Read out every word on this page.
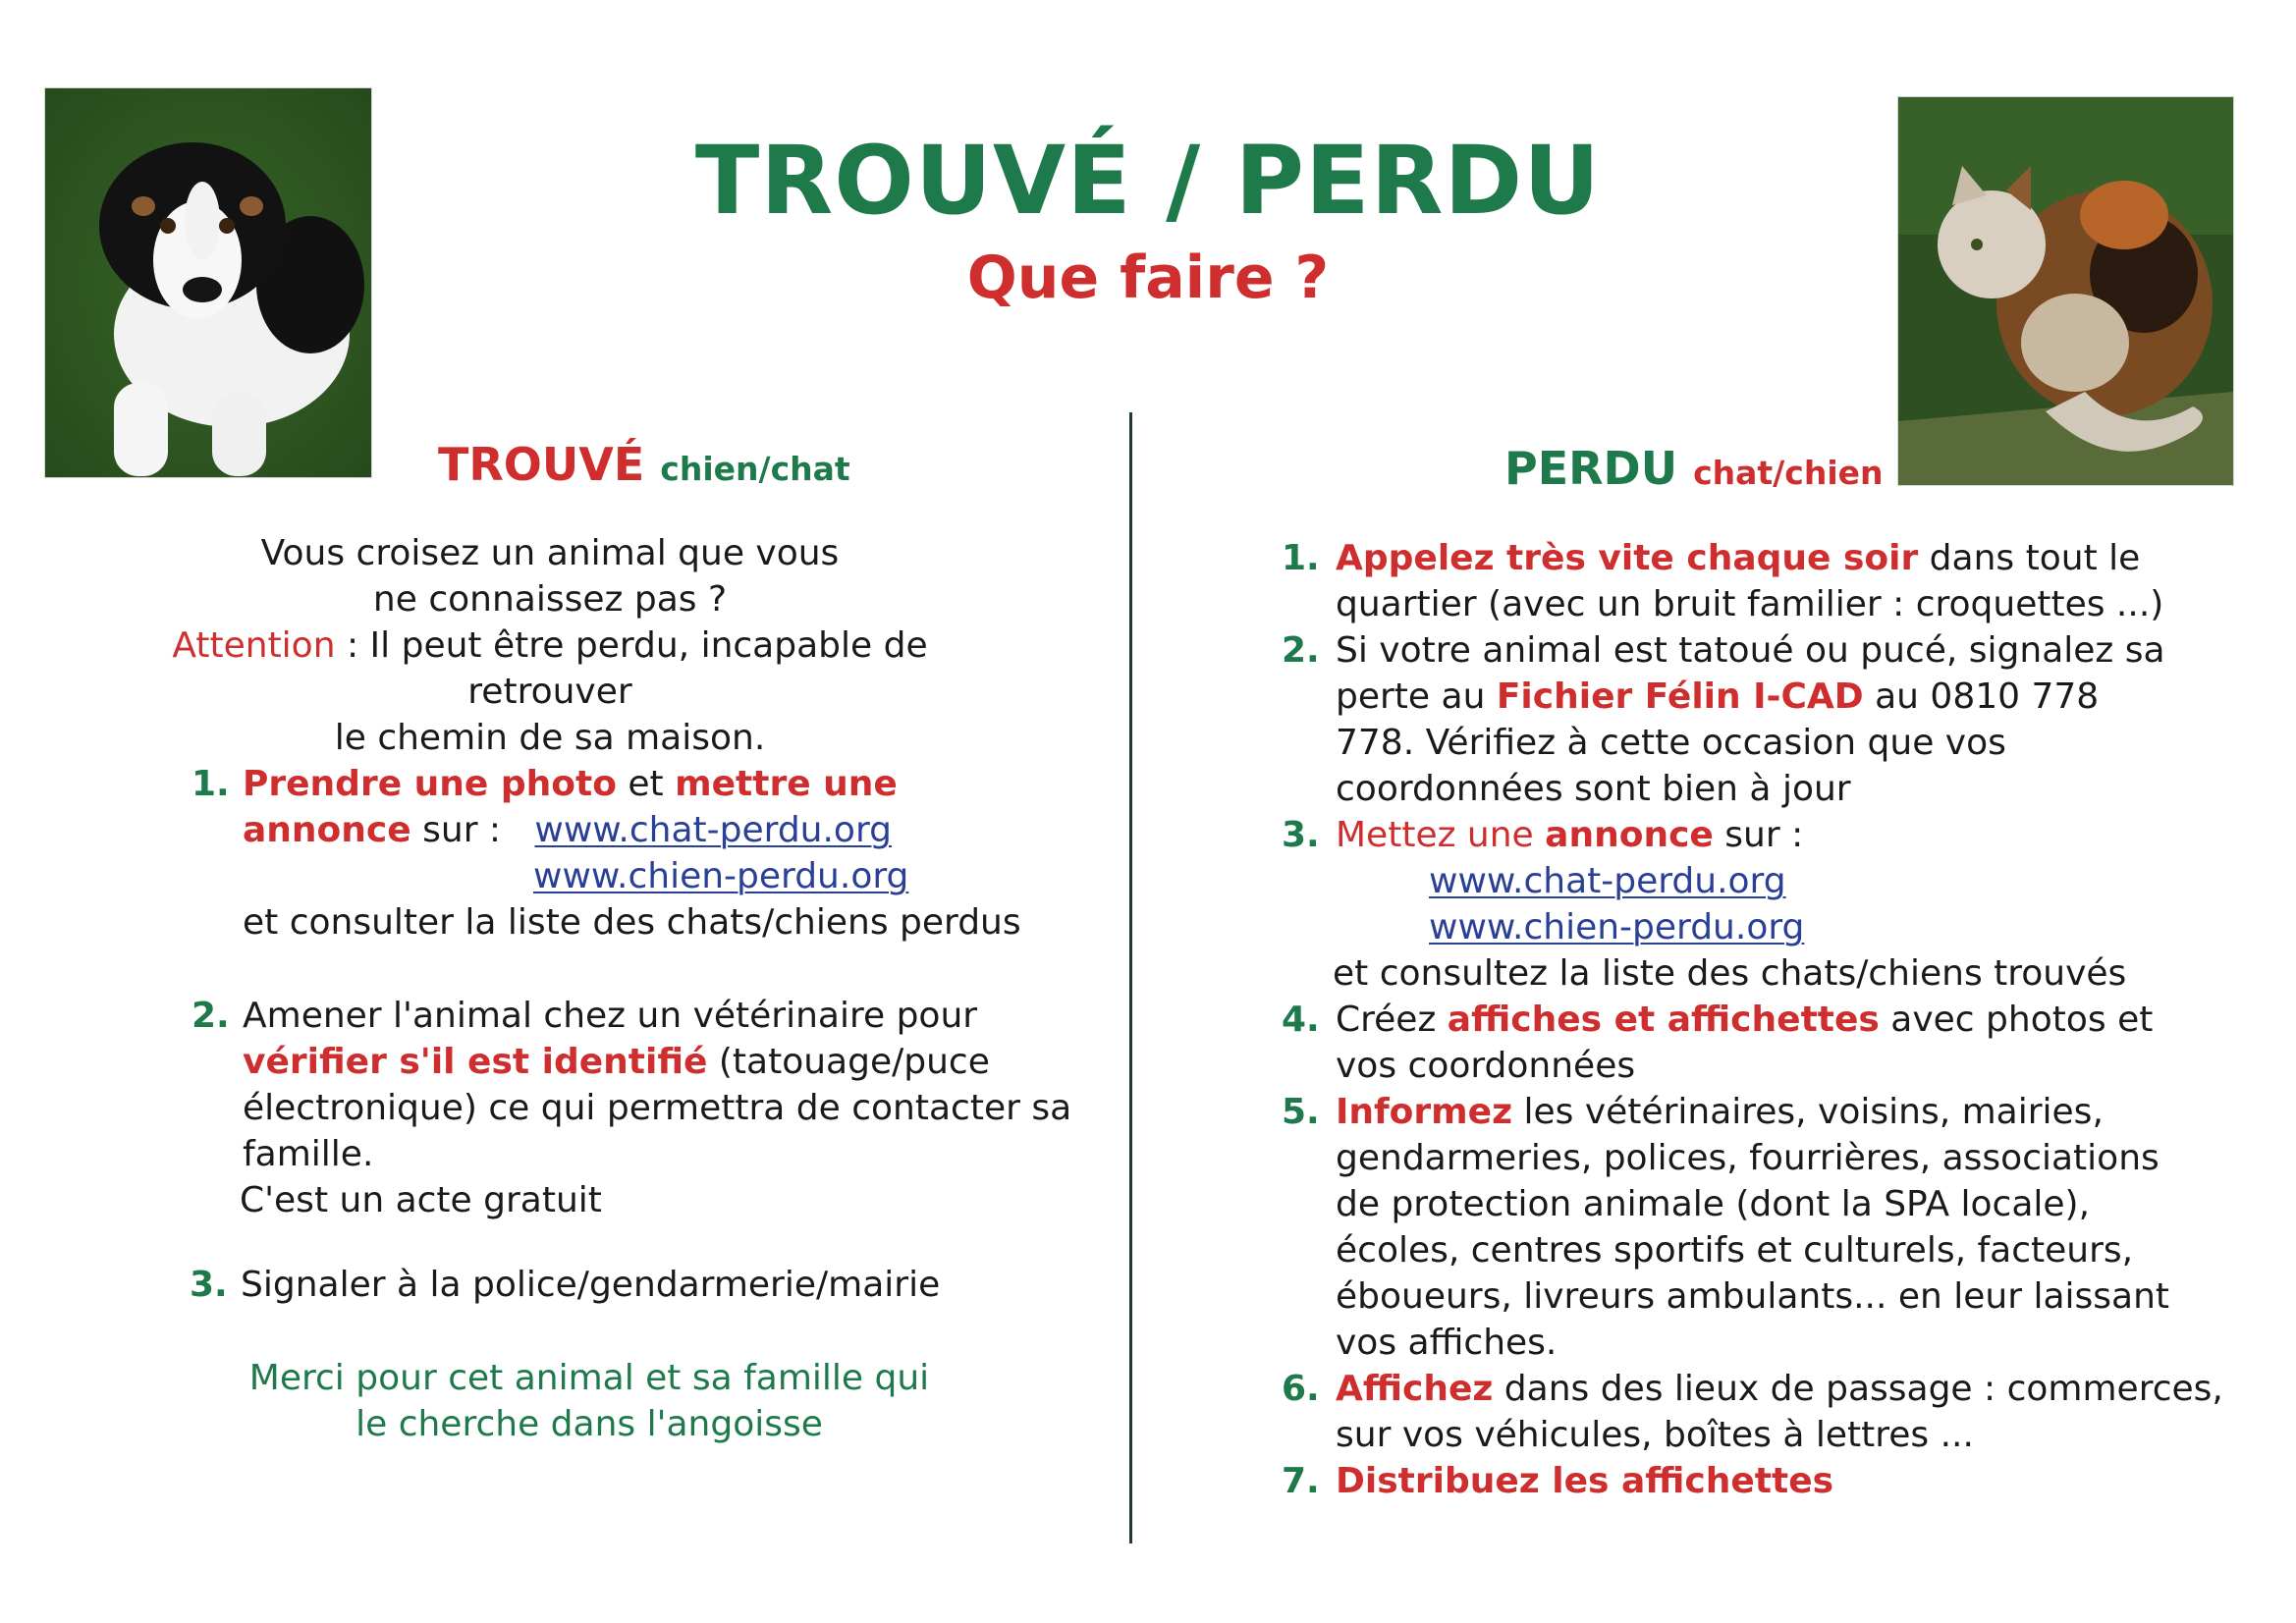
TROUVÉ / PERDU
Que faire ?
TROUVÉ chien/chat
Vous croisez un animal que vous
ne connaissez pas ?
Attention : Il peut être perdu, incapable de retrouver
le chemin de sa maison.
1. Prendre une photo et mettre une
annonce sur : www.chat-perdu.org
www.chien-perdu.org
et consulter la liste des chats/chiens perdus
2. Amener l'animal chez un vétérinaire pour
vérifier s'il est identifié (tatouage/puce
électronique) ce qui permettra de contacter sa
famille.
C'est un acte gratuit
3. Signaler à la police/gendarmerie/mairie
Merci pour cet animal et sa famille qui
le cherche dans l'angoisse
PERDU chat/chien
1. Appelez très vite chaque soir dans tout le
quartier (avec un bruit familier : croquettes ...)
2. Si votre animal est tatoué ou pucé, signalez sa
perte au Fichier Félin I-CAD au 0810 778
778. Vérifiez à cette occasion que vos
coordonnées sont bien à jour
3. Mettez une annonce sur :
www.chat-perdu.org
www.chien-perdu.org
et consultez la liste des chats/chiens trouvés
4. Créez affiches et affichettes avec photos et
vos coordonnées
5. Informez les vétérinaires, voisins, mairies,
gendarmeries, polices, fourrières, associations
de protection animale (dont la SPA locale),
écoles, centres sportifs et culturels, facteurs,
éboueurs, livreurs ambulants... en leur laissant
vos affiches.
6. Affichez dans des lieux de passage : commerces,
sur vos véhicules, boîtes à lettres ...
7. Distribuez les affichettes
